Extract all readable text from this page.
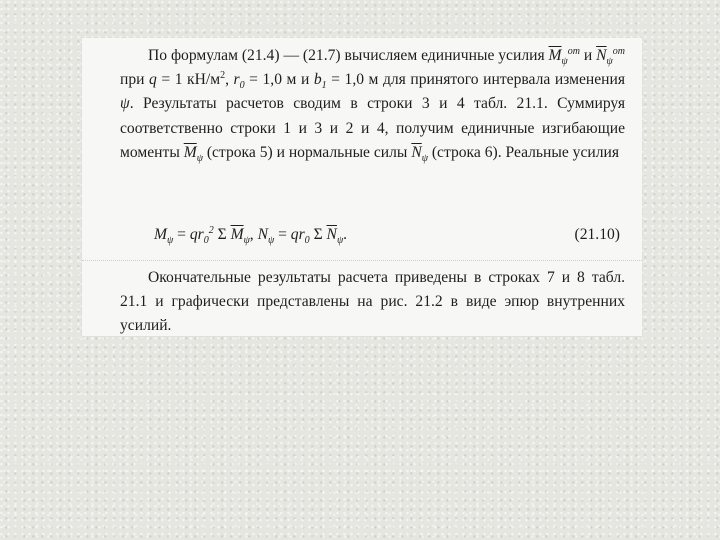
По формулам (21.4) — (21.7) вычисляем единичные усилия $\overline{M}_\psi^{от}$ и $\overline{N}_\psi^{от}$ при q = 1 $кН/м^2$, $r_0 = 1,0$ м и $b_1 = 1,0$ м для принятого интервала изменения ψ. Результаты расчетов сводим в строки 3 и 4 табл. 21.1. Суммируя соответственно строки 1 и 3 и 2 и 4, получим единичные изгибающие моменты $\overline{M}_\psi$ (строка 5) и нормальные силы $\overline{N}_\psi$ (строка 6). Реальные усилия

$M_\psi = qr_0^2$ Σ $\overline{M}_\psi$, $N_\psi = qr_0$ Σ $\overline{N}_\psi$.	(21.10)

Окончательные результаты расчета приведены в строках 7 и 8 табл. 21.1 и графически представлены на рис. 21.2 в виде эпюр внутренних усилий.
